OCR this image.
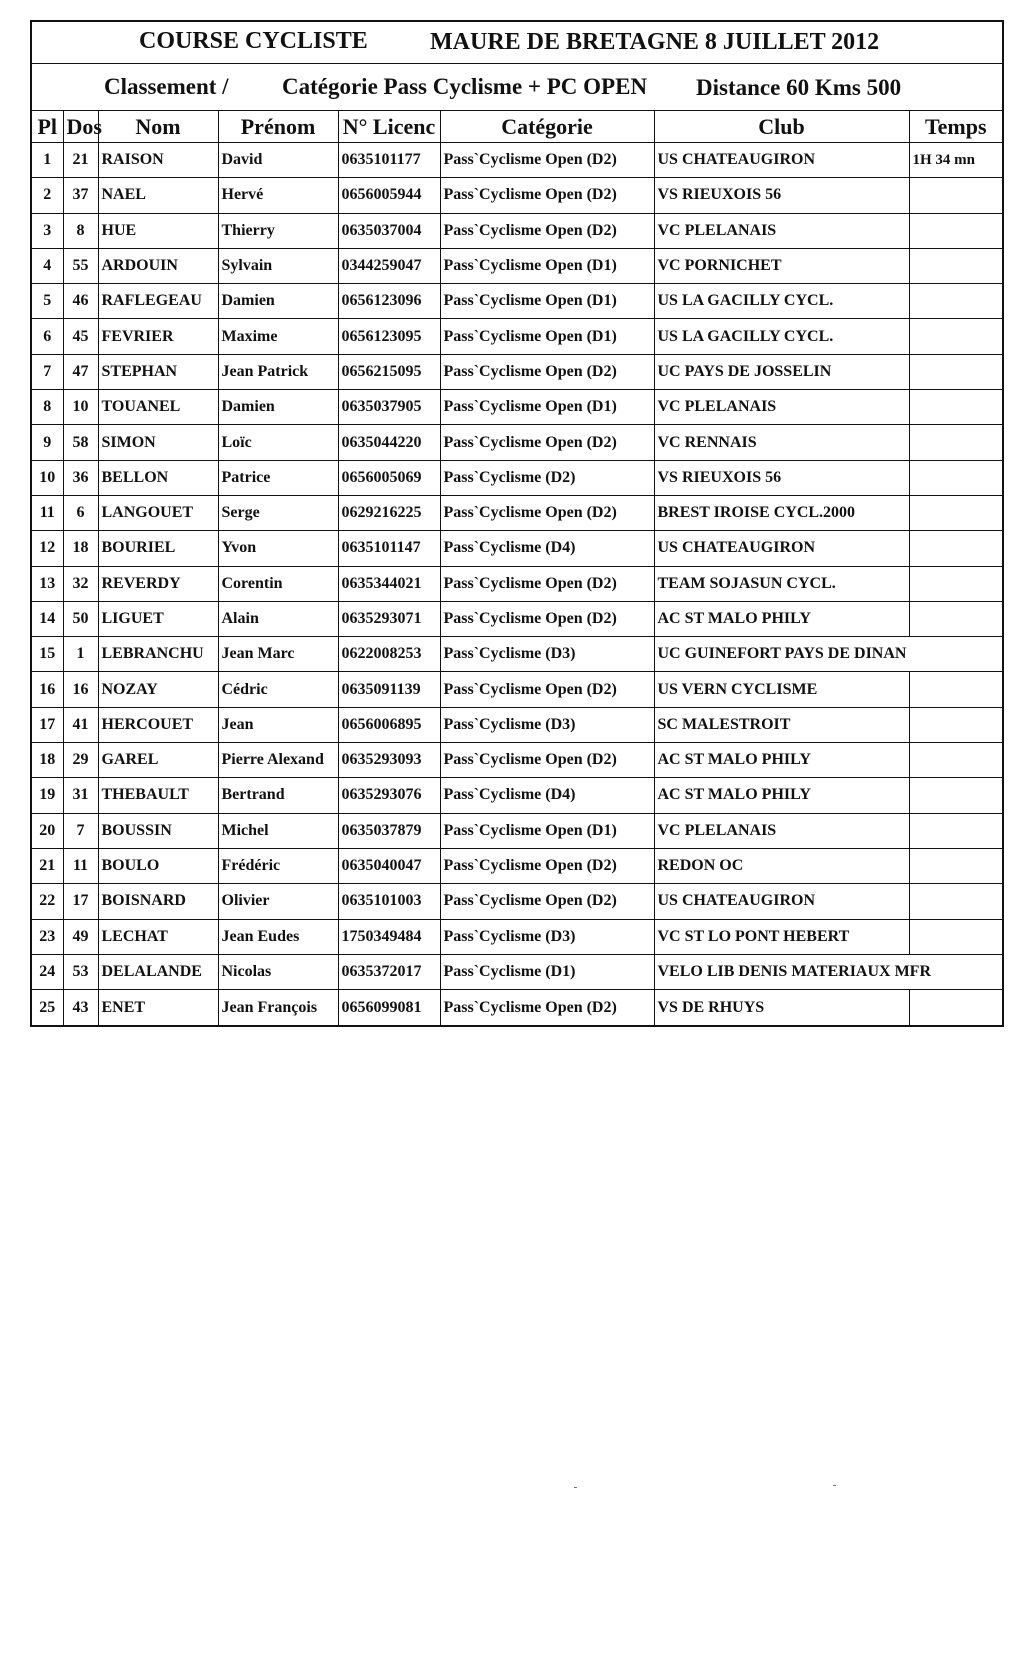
COURSE CYCLISTE	MAURE DE BRETAGNE 8 JUILLET 2012
Classement / Catégorie Pass Cyclisme + PC OPEN Distance 60 Kms 500
Pl	Dos	Nom	Prénom	N° Licenc	Catégorie	Club	Temps
1	21	RAISON	David	0635101177	Pass`Cyclisme Open (D2)	US CHATEAUGIRON	1H 34 mn
2	37	NAEL	Hervé	0656005944	Pass`Cyclisme Open (D2)	VS RIEUXOIS 56	
3	8	HUE	Thierry	0635037004	Pass`Cyclisme Open (D2)	VC PLELANAIS	
4	55	ARDOUIN	Sylvain	0344259047	Pass`Cyclisme Open (D1)	VC PORNICHET	
5	46	RAFLEGEAU	Damien	0656123096	Pass`Cyclisme Open (D1)	US LA GACILLY CYCL.	
6	45	FEVRIER	Maxime	0656123095	Pass`Cyclisme Open (D1)	US LA GACILLY CYCL.	
7	47	STEPHAN	Jean Patrick	0656215095	Pass`Cyclisme Open (D2)	UC PAYS DE JOSSELIN	
8	10	TOUANEL	Damien	0635037905	Pass`Cyclisme Open (D1)	VC PLELANAIS	
9	58	SIMON	Loïc	0635044220	Pass`Cyclisme Open (D2)	VC RENNAIS	
10	36	BELLON	Patrice	0656005069	Pass`Cyclisme (D2)	VS RIEUXOIS 56	
11	6	LANGOUET	Serge	0629216225	Pass`Cyclisme Open (D2)	BREST IROISE CYCL.2000	
12	18	BOURIEL	Yvon	0635101147	Pass`Cyclisme (D4)	US CHATEAUGIRON	
13	32	REVERDY	Corentin	0635344021	Pass`Cyclisme Open (D2)	TEAM SOJASUN CYCL.	
14	50	LIGUET	Alain	0635293071	Pass`Cyclisme Open (D2)	AC ST MALO PHILY	
15	1	LEBRANCHU	Jean Marc	0622008253	Pass`Cyclisme (D3)	UC GUINEFORT PAYS DE DINAN	
16	16	NOZAY	Cédric	0635091139	Pass`Cyclisme Open (D2)	US VERN CYCLISME	
17	41	HERCOUET	Jean	0656006895	Pass`Cyclisme (D3)	SC MALESTROIT	
18	29	GAREL	Pierre Alexand	0635293093	Pass`Cyclisme Open (D2)	AC ST MALO PHILY	
19	31	THEBAULT	Bertrand	0635293076	Pass`Cyclisme (D4)	AC ST MALO PHILY	
20	7	BOUSSIN	Michel	0635037879	Pass`Cyclisme Open (D1)	VC PLELANAIS	
21	11	BOULO	Frédéric	0635040047	Pass`Cyclisme Open (D2)	REDON OC	
22	17	BOISNARD	Olivier	0635101003	Pass`Cyclisme Open (D2)	US CHATEAUGIRON	
23	49	LECHAT	Jean Eudes	1750349484	Pass`Cyclisme (D3)	VC ST LO PONT HEBERT	
24	53	DELALANDE	Nicolas	0635372017	Pass`Cyclisme (D1)	VELO LIB DENIS MATERIAUX MFR	
25	43	ENET	Jean François	0656099081	Pass`Cyclisme Open (D2)	VS DE RHUYS	
